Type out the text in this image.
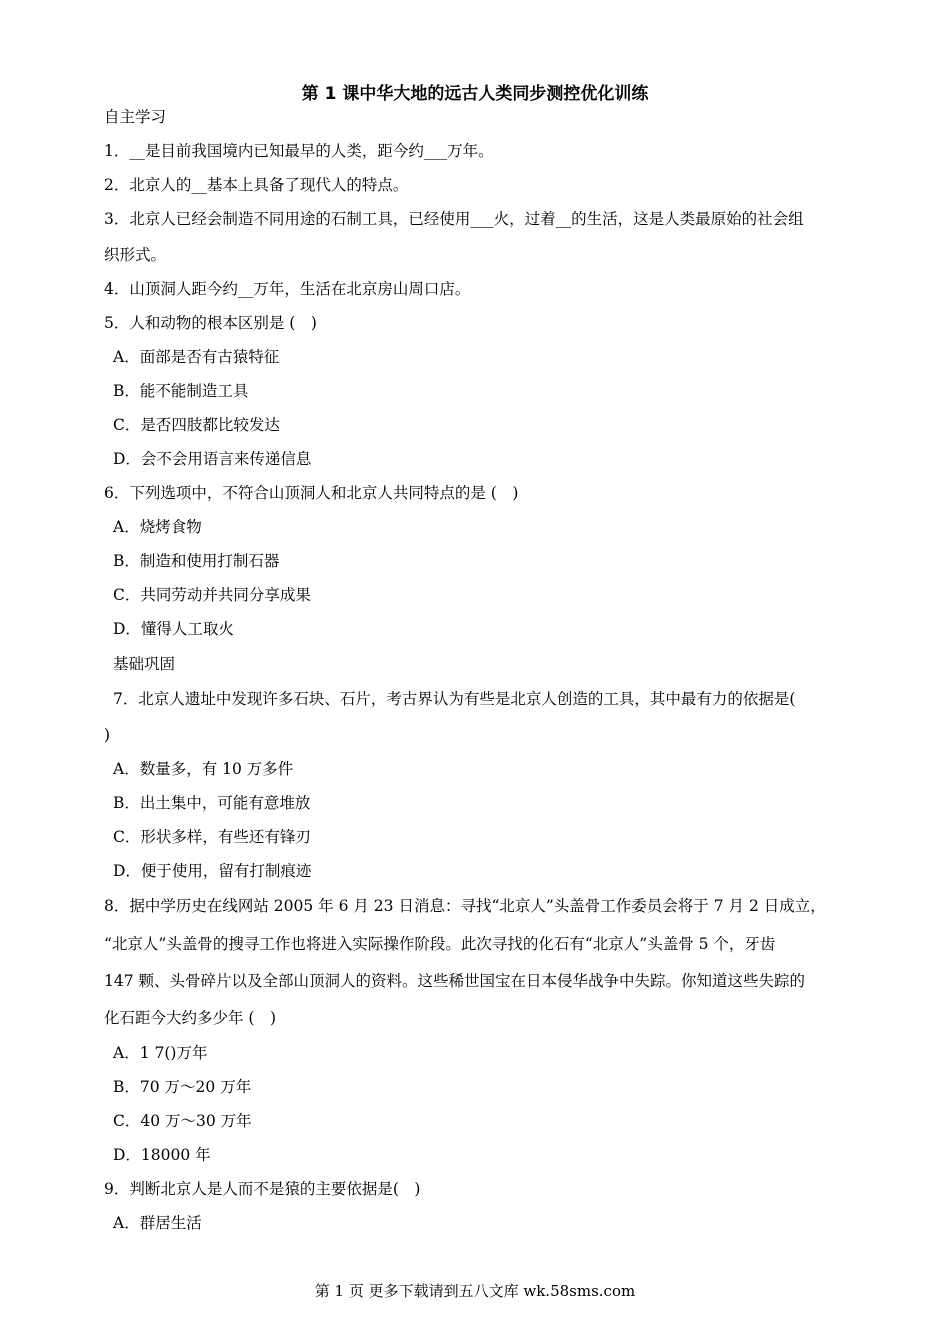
第 1 课中华大地的远古人类同步测控优化训练
自主学习
1．__是目前我国境内已知最早的人类，距今约___万年。
2．北京人的__基本上具备了现代人的特点。
3．北京人已经会制造不同用途的石制工具，已经使用___火，过着__的生活，这是人类最原始的社会组
织形式。
4．山顶洞人距今约__万年，生活在北京房山周口店。
5．人和动物的根本区别是 (　)
A．面部是否有古猿特征
B．能不能制造工具
C．是否四肢都比较发达
D．会不会用语言来传递信息
6．下列选项中，不符合山顶洞人和北京人共同特点的是 (　)
A．烧烤食物
B．制造和使用打制石器
C．共同劳动并共同分享成果
D．懂得人工取火
基础巩固
7．北京人遗址中发现许多石块、石片，考古界认为有些是北京人创造的工具，其中最有力的依据是(
)
A．数量多，有 10 万多件
B．出土集中，可能有意堆放
C．形状多样，有些还有锋刃
D．便于使用，留有打制痕迹
8．据中学历史在线网站 2005 年 6 月 23 日消息：寻找“北京人”头盖骨工作委员会将于 7 月 2 日成立，
“北京人”头盖骨的搜寻工作也将进入实际操作阶段。此次寻找的化石有“北京人”头盖骨 5 个，牙齿
147 颗、头骨碎片以及全部山顶洞人的资料。这些稀世国宝在日本侵华战争中失踪。你知道这些失踪的
化石距今大约多少年 (　)
A．1 7()万年
B．70 万～20 万年
C．40 万～30 万年
D．18000 年
9．判断北京人是人而不是猿的主要依据是(　)
A．群居生活
第 1 页 更多下载请到五八文库 wk.58sms.com
